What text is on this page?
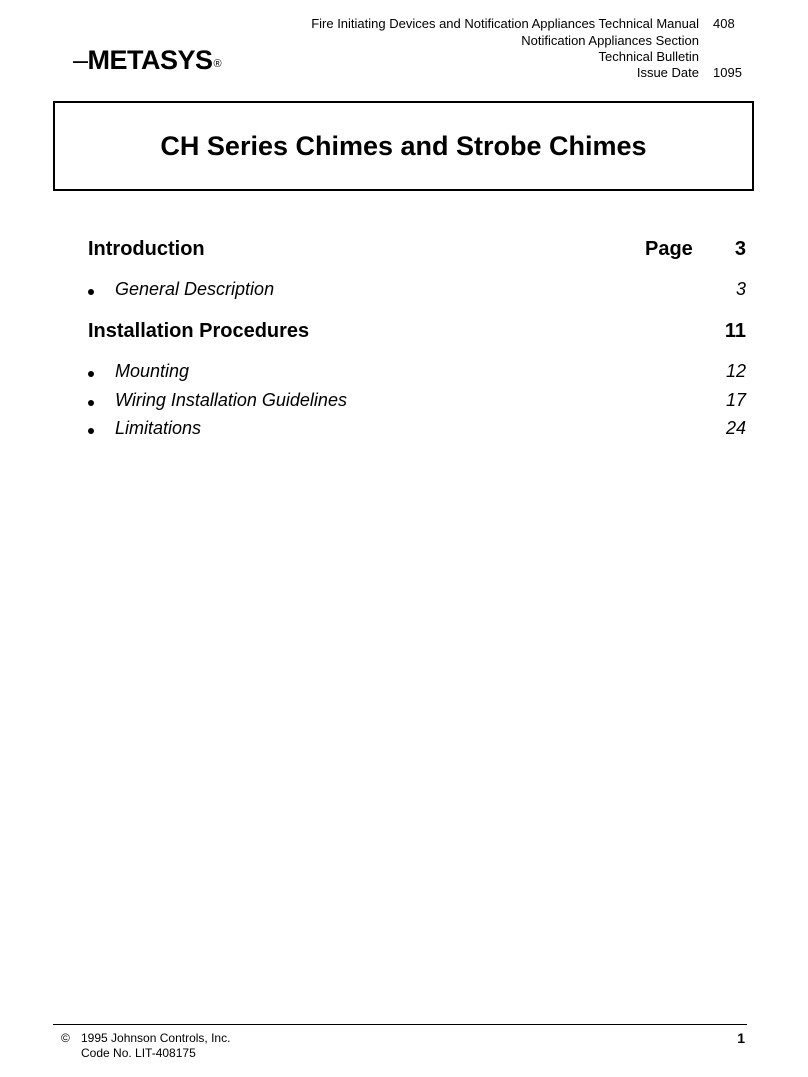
Fire Initiating Devices and Notification Appliances Technical Manual 408
Notification Appliances Section
Technical Bulletin
Issue Date 1095
–METASYS®
CH Series Chimes and Strobe Chimes
Introduction	Page 3
General Description	3
Installation Procedures	11
Mounting	12
Wiring Installation Guidelines	17
Limitations	24
© 1995 Johnson Controls, Inc.
Code No. LIT-408175
1
